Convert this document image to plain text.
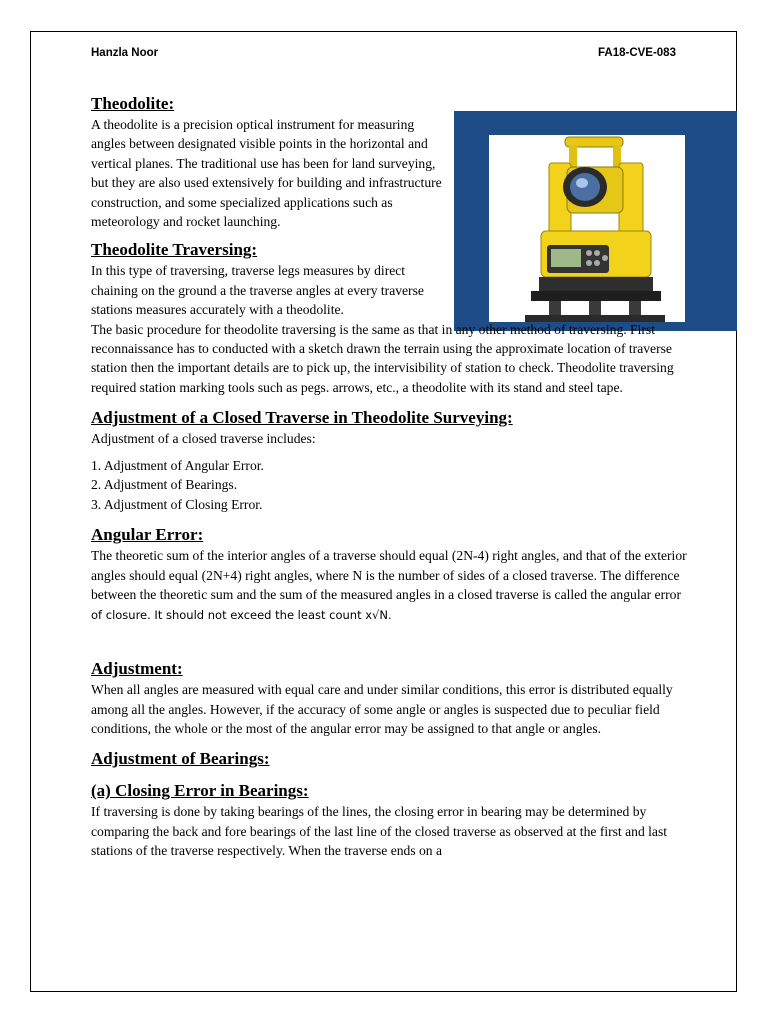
Hanzla Noor	FA18-CVE-083
Theodolite:

A theodolite is a precision optical instrument for measuring angles between designated visible points in the horizontal and vertical planes. The traditional use has been for land surveying, but they are also used extensively for building and infrastructure construction, and some specialized applications such as meteorology and rocket launching.

Theodolite Traversing:

In this type of traversing, traverse legs measures by direct chaining on the ground a the traverse angles at every traverse stations measures accurately with a theodolite.

The basic procedure for theodolite traversing is the same as that in any other method of traversing. First reconnaissance has to conducted with a sketch drawn the terrain using the approximate location of traverse station then the important details are to pick up, the intervisibility of station to check. Theodolite traversing required station marking tools such as pegs. arrows, etc., a theodolite with its stand and steel tape.

Adjustment of a Closed Traverse in Theodolite Surveying:

Adjustment of a closed traverse includes:

1. Adjustment of Angular Error.
2. Adjustment of Bearings.
3. Adjustment of Closing Error.
Angular Error:

The theoretic sum of the interior angles of a traverse should equal (2N-4) right angles, and that of the exterior angles should equal (2N+4) right angles, where N is the number of sides of a closed traverse. The difference between the theoretic sum and the sum of the measured angles in a closed traverse is called the angular error of closure. It should not exceed the least count x√N.

Adjustment:

When all angles are measured with equal care and under similar conditions, this error is distributed equally among all the angles. However, if the accuracy of some angle or angles is suspected due to peculiar field conditions, the whole or the most of the angular error may be assigned to that angle or angles.

Adjustment of Bearings:
(a) Closing Error in Bearings:

If traversing is done by taking bearings of the lines, the closing error in bearing may be determined by comparing the back and fore bearings of the last line of the closed traverse as observed at the first and last stations of the traverse respectively. When the traverse ends on a
